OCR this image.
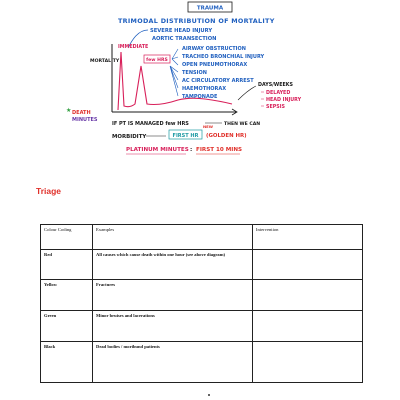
TRAUMA
TRIMODAL DISTRIBUTION OF MORTALITY
SEVERE HEAD INJURY
AORTIC TRANSECTION
MORTALITY
IMMEDIATE
few HRS
AIRWAY OBSTRUCTION
TRACHEO BRONCHIAL INJURY
OPEN PNEUMOTHORAX
TENSION
AC CIRCULATORY ARREST
HAEMOTHORAX
TAMPONADE
DAYS/WEEKS
DELAYED
HEAD INJURY
SEPSIS
DEATH
MINUTES
★
IF PT IS MANAGED few HRS	THEN WE CAN
MORBIDITY	FIRST HR (GOLDEN HR)
NEW
PLATINUM MINUTES : FIRST 10 MINS
Triage
Colour Coding	Examples	Intervention
Red	All causes which cause death within one hour (see above diagram)	
Yellow	Fractures	
Green	Minor bruises and lacerations	
Black	Dead bodies / moribund patients	
